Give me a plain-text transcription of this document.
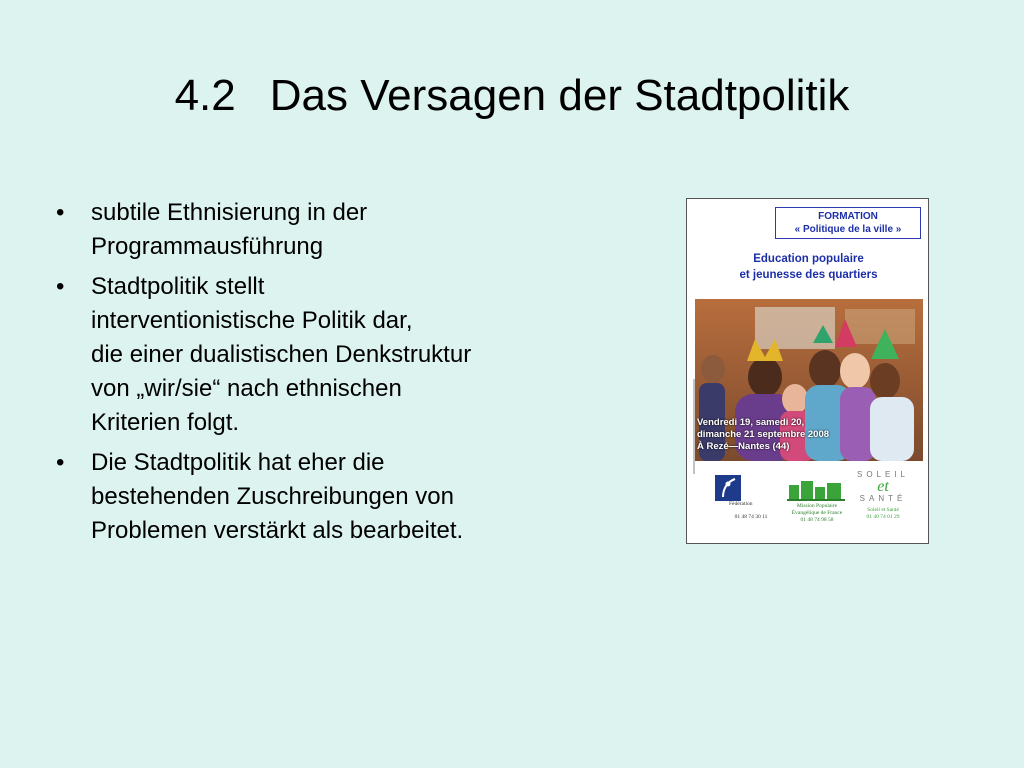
4.2 Das Versagen der Stadtpolitik
• subtile Ethnisierung in der
Programmausführung
• Stadtpolitik stellt
interventionistische Politik dar,
die einer dualistischen Denkstruktur
von „wir/sie“ nach ethnischen
Kriterien folgt.
• Die Stadtpolitik hat eher die
bestehenden Zuschreibungen von
Problemen verstärkt als bearbeitet.
FORMATION
« Politique de la ville »
Education populaire
et jeunesse des quartiers
Vendredi 19, samedi 20,
dimanche 21 septembre 2008
À Rezé—Nantes (44)
Fédération
01 48 74 30 11
Mission Populaire
Évangélique de France
01 48 74 98 58
SOLEIL
et
SANTÉ
Soleil et Santé
01 40 74 01 29
